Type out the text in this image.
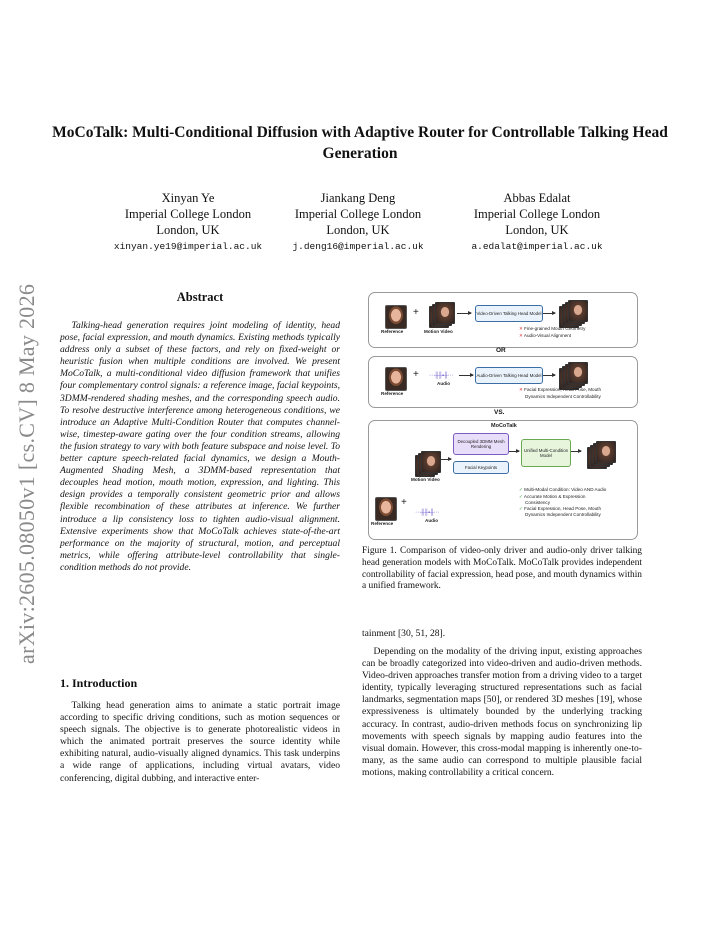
MoCoTalk: Multi-Conditional Diffusion with Adaptive Router for Controllable Talking Head Generation
Xinyan Ye
Imperial College London
London, UK
xinyan.ye19@imperial.ac.uk
Jiankang Deng
Imperial College London
London, UK
j.deng16@imperial.ac.uk
Abbas Edalat
Imperial College London
London, UK
a.edalat@imperial.ac.uk
arXiv:2605.08050v1 [cs.CV] 8 May 2026	Abstract
Talking-head generation requires joint modeling of identity, head pose, facial expression, and mouth dynamics. Existing methods typically address only a subset of these factors, and rely on fixed-weight or heuristic fusion when multiple conditions are involved. We present MoCoTalk, a multi-conditional video diffusion framework that unifies four complementary control signals: a reference image, facial keypoints, 3DMM-rendered shading meshes, and the corresponding speech audio. To resolve destructive interference among heterogeneous conditions, we introduce an Adaptive Multi-Condition Router that computes channel-wise, timestep-aware gating over the four condition streams, allowing the fusion strategy to vary with both feature subspace and noise level. To better capture speech-related facial dynamics, we design a Mouth-Augmented Shading Mesh, a 3DMM-based representation that decouples head motion, mouth motion, expression, and lighting. This design provides a temporally consistent geometric prior and allows flexible recombination of these attributes at inference. We further introduce a lip consistency loss to tighten audio-visual alignment. Extensive experiments show that MoCoTalk achieves state-of-the-art performance on the majority of structural, motion, and perceptual metrics, while offering attribute-level controllability that single-condition methods do not provide.
1. Introduction
Talking head generation aims to animate a static portrait image according to specific driving conditions, such as motion sequences or speech signals. The objective is to generate photorealistic videos in which the animated portrait preserves the source identity while exhibiting natural, audio-visually aligned dynamics. This task underpins a wide range of applications, including virtual avatars, video conferencing, digital dubbing, and interactive enter-
Reference
+
Motion Video
Video-Driven Talking Head Model
✕ Fine-grained Mouth Geometry
✕ Audio-Visual Alignment
OR
Reference
+ ⋯╫╫▪╫⋯
Audio
Audio-Driven Talking Head Model
✕ Facial Expression, Head Pose, Mouth
Dynamics Independent Controllability
VS.
MoCoTalk
Motion Video
Decoupled 3DMM Mesh Rendering
Facial Keypoints
Unified Multi-Condition Model
Reference
+
⋯╫╫▪╫⋯
Audio
✓ Multi-Modal Condition: Video AND Audio
✓ Accurate Motion & Expression
Consistency
✓ Facial Expression, Head Pose, Mouth
Dynamics Independent Controllability
Figure 1. Comparison of video-only driver and audio-only driver talking head generation models with MoCoTalk. MoCoTalk provides independent controllability of facial expression, head pose, and mouth dynamics within a unified framework.
tainment [30, 51, 28].
Depending on the modality of the driving input, existing approaches can be broadly categorized into video-driven and audio-driven methods. Video-driven approaches transfer motion from a driving video to a target identity, typically leveraging structured representations such as facial landmarks, segmentation maps [50], or rendered 3D meshes [19], whose expressiveness is ultimately bounded by the underlying tracking accuracy. In contrast, audio-driven methods focus on synchronizing lip movements with speech signals by mapping audio features into the visual domain. However, this cross-modal mapping is inherently one-to-many, as the same audio can correspond to multiple plausible facial motions, making controllability a critical concern.
